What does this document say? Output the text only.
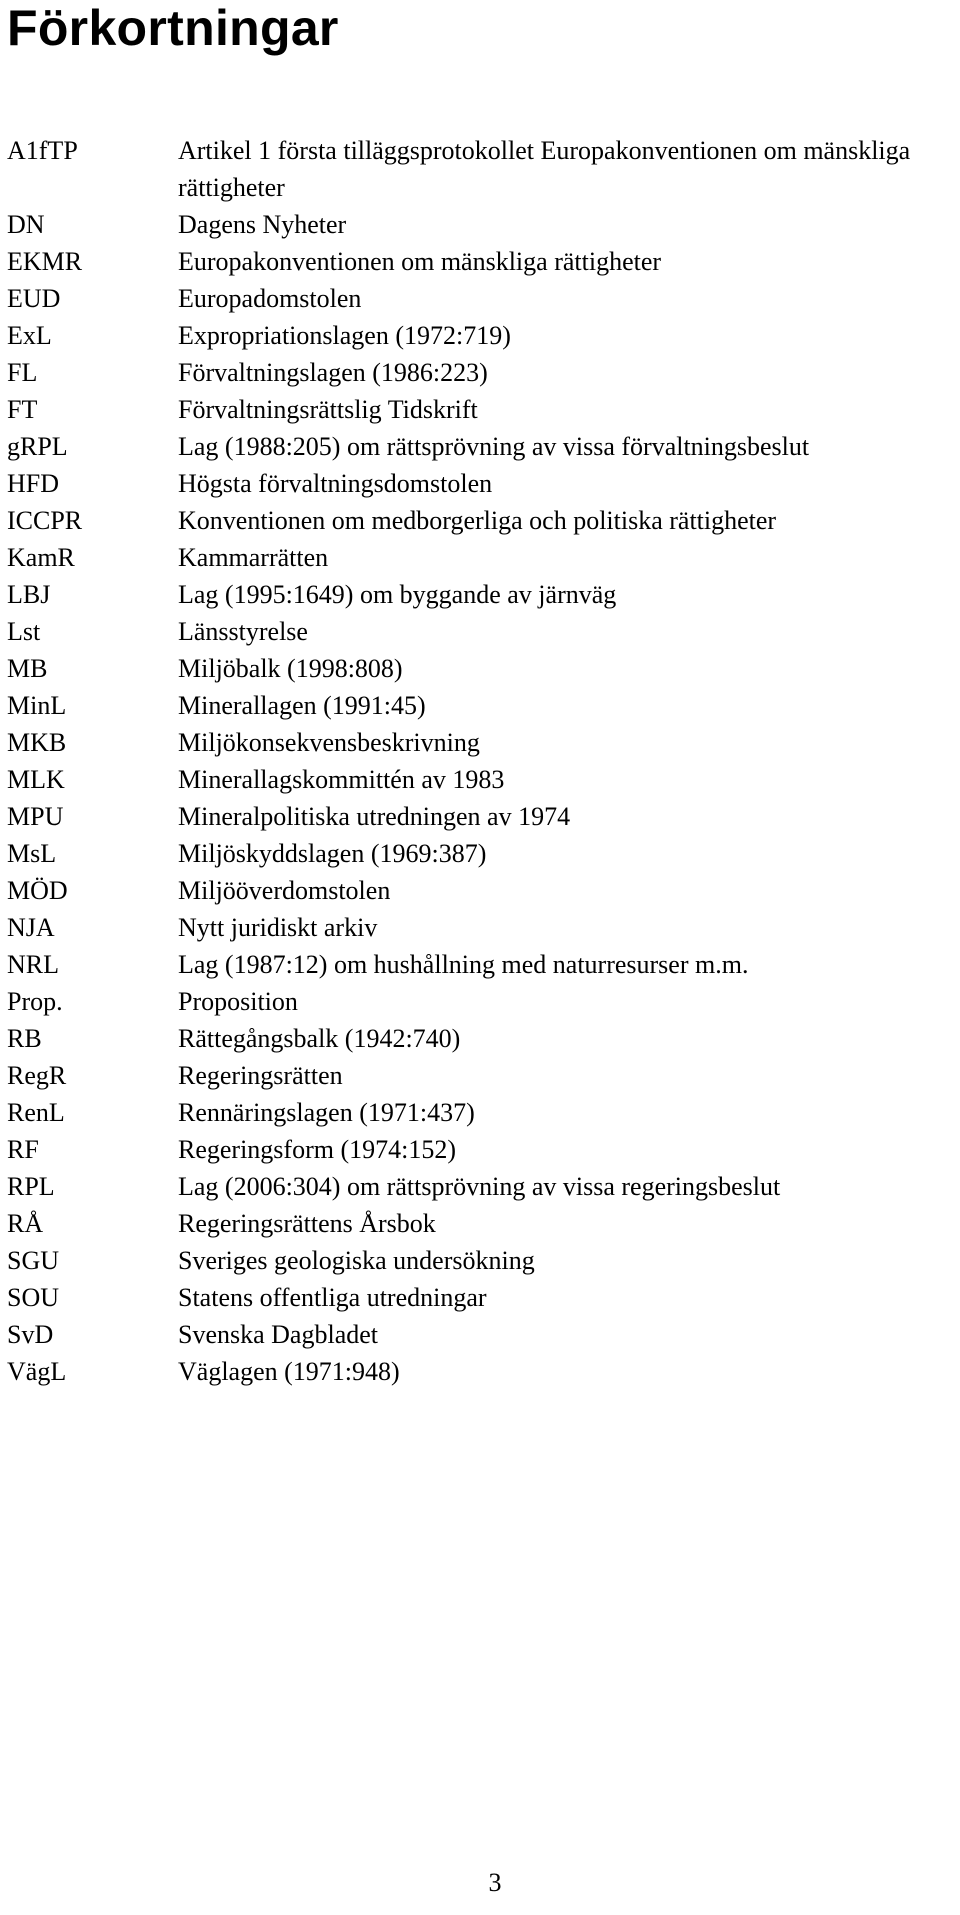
Förkortningar
A1fTP	Artikel 1 första tilläggsprotokollet Europakonventionen om mänskliga rättigheter
DN	Dagens Nyheter
EKMR	Europakonventionen om mänskliga rättigheter
EUD	Europadomstolen
ExL	Expropriationslagen (1972:719)
FL	Förvaltningslagen (1986:223)
FT	Förvaltningsrättslig Tidskrift
gRPL	Lag (1988:205) om rättsprövning av vissa förvaltningsbeslut
HFD	Högsta förvaltningsdomstolen
ICCPR	Konventionen om medborgerliga och politiska rättigheter
KamR	Kammarrätten
LBJ	Lag (1995:1649) om byggande av järnväg
Lst	Länsstyrelse
MB	Miljöbalk (1998:808)
MinL	Minerallagen (1991:45)
MKB	Miljökonsekvensbeskrivning
MLK	Minerallagskommittén av 1983
MPU	Mineralpolitiska utredningen av 1974
MsL	Miljöskyddslagen (1969:387)
MÖD	Miljööverdomstolen
NJA	Nytt juridiskt arkiv
NRL	Lag (1987:12) om hushållning med naturresurser m.m.
Prop.	Proposition
RB	Rättegångsbalk (1942:740)
RegR	Regeringsrätten
RenL	Rennäringslagen (1971:437)
RF	Regeringsform (1974:152)
RPL	Lag (2006:304) om rättsprövning av vissa regeringsbeslut
RÅ	Regeringsrättens Årsbok
SGU	Sveriges geologiska undersökning
SOU	Statens offentliga utredningar
SvD	Svenska Dagbladet
VägL	Väglagen (1971:948)
3
